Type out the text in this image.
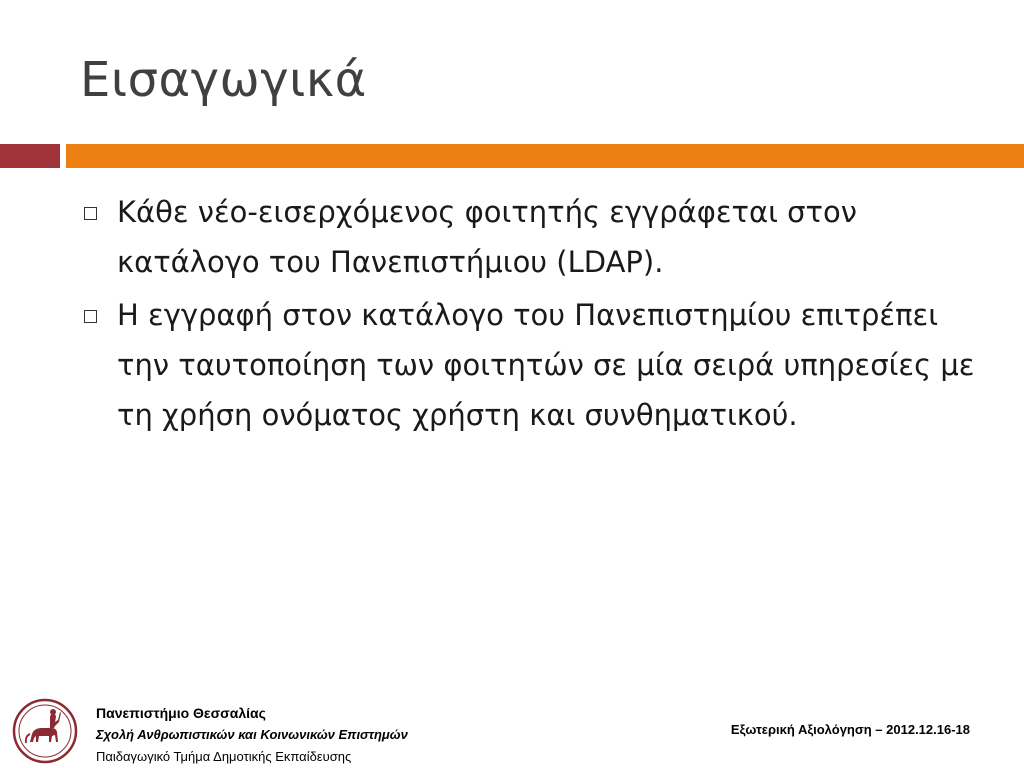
Εισαγωγικά
Κάθε νέο-εισερχόμενος φοιτητής εγγράφεται στον κατάλογο του Πανεπιστήμιου (LDAP).
Η εγγραφή στον κατάλογο του Πανεπιστημίου επιτρέπει την ταυτοποίηση των φοιτητών σε μία σειρά υπηρεσίες με τη χρήση ονόματος χρήστη και συνθηματικού.
Πανεπιστήμιο Θεσσαλίας
Σχολή Ανθρωπιστικών και Κοινωνικών Επιστημών
Παιδαγωγικό Τμήμα Δημοτικής Εκπαίδευσης
Εξωτερική Αξιολόγηση – 2012.12.16-18
